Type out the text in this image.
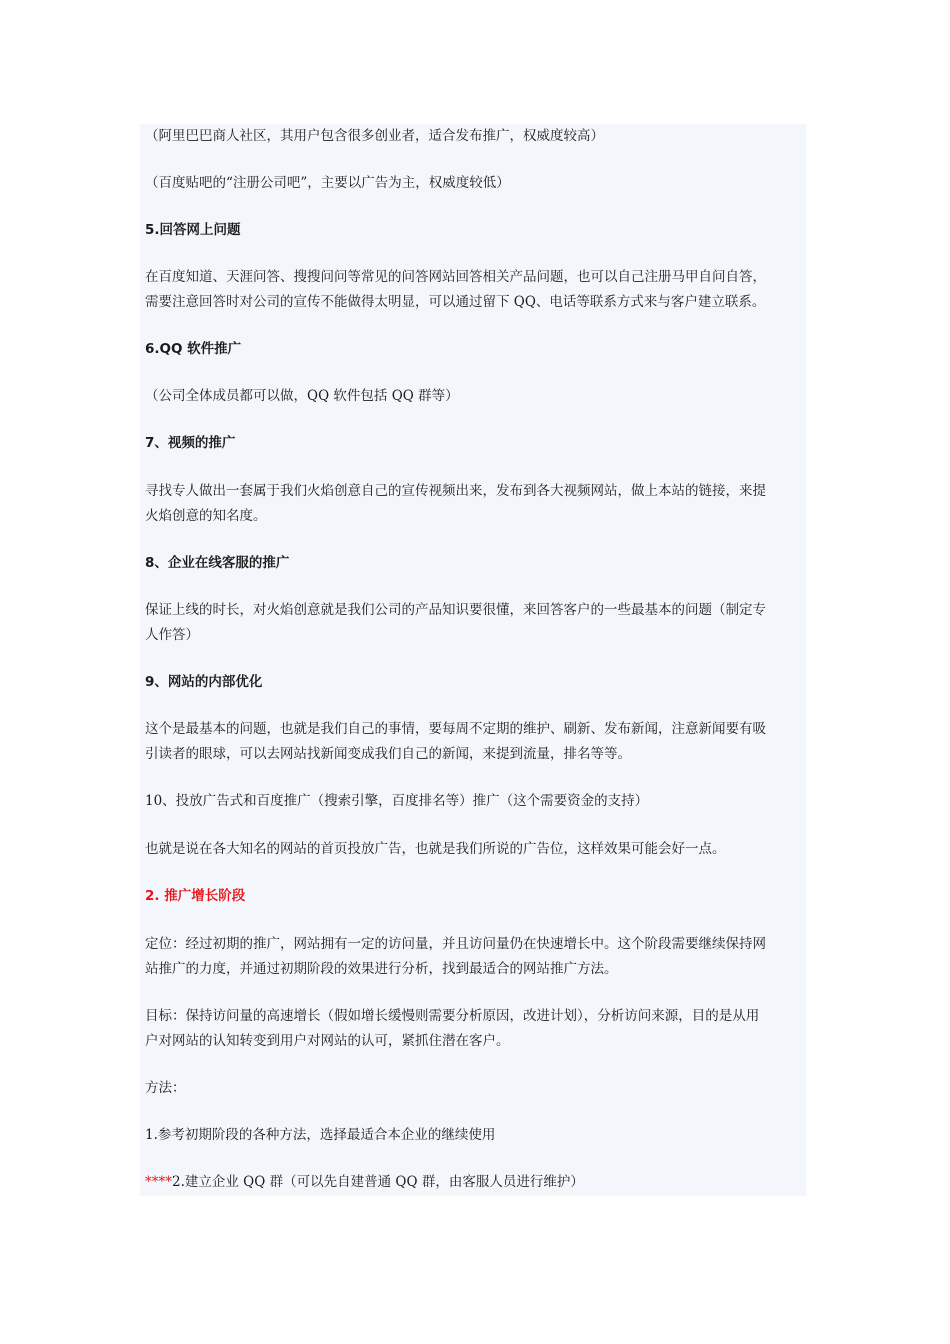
（阿里巴巴商人社区，其用户包含很多创业者，适合发布推广，权威度较高）
（百度贴吧的“注册公司吧”，主要以广告为主，权威度较低）
5.回答网上问题
在百度知道、天涯问答、搜搜问问等常见的问答网站回答相关产品问题，也可以自己注册马甲自问自答，
需要注意回答时对公司的宣传不能做得太明显，可以通过留下 QQ、电话等联系方式来与客户建立联系。
6.QQ 软件推广
（公司全体成员都可以做，QQ 软件包括 QQ 群等）
7、视频的推广
寻找专人做出一套属于我们火焰创意自己的宣传视频出来，发布到各大视频网站，做上本站的链接，来提
火焰创意的知名度。
8、企业在线客服的推广
保证上线的时长，对火焰创意就是我们公司的产品知识要很懂，来回答客户的一些最基本的问题（制定专
人作答）
9、网站的内部优化
这个是最基本的问题，也就是我们自己的事情，要每周不定期的维护、刷新、发布新闻，注意新闻要有吸
引读者的眼球，可以去网站找新闻变成我们自己的新闻，来提到流量，排名等等。
10、投放广告式和百度推广（搜索引擎，百度排名等）推广（这个需要资金的支持）
也就是说在各大知名的网站的首页投放广告，也就是我们所说的广告位，这样效果可能会好一点。
2. 推广增长阶段
定位：经过初期的推广，网站拥有一定的访问量，并且访问量仍在快速增长中。这个阶段需要继续保持网
站推广的力度，并通过初期阶段的效果进行分析，找到最适合的网站推广方法。
目标：保持访问量的高速增长（假如增长缓慢则需要分析原因，改进计划），分析访问来源，目的是从用
户对网站的认知转变到用户对网站的认可，紧抓住潜在客户。
方法：
1.参考初期阶段的各种方法，选择最适合本企业的继续使用
****2.建立企业 QQ 群（可以先自建普通 QQ 群，由客服人员进行维护）
